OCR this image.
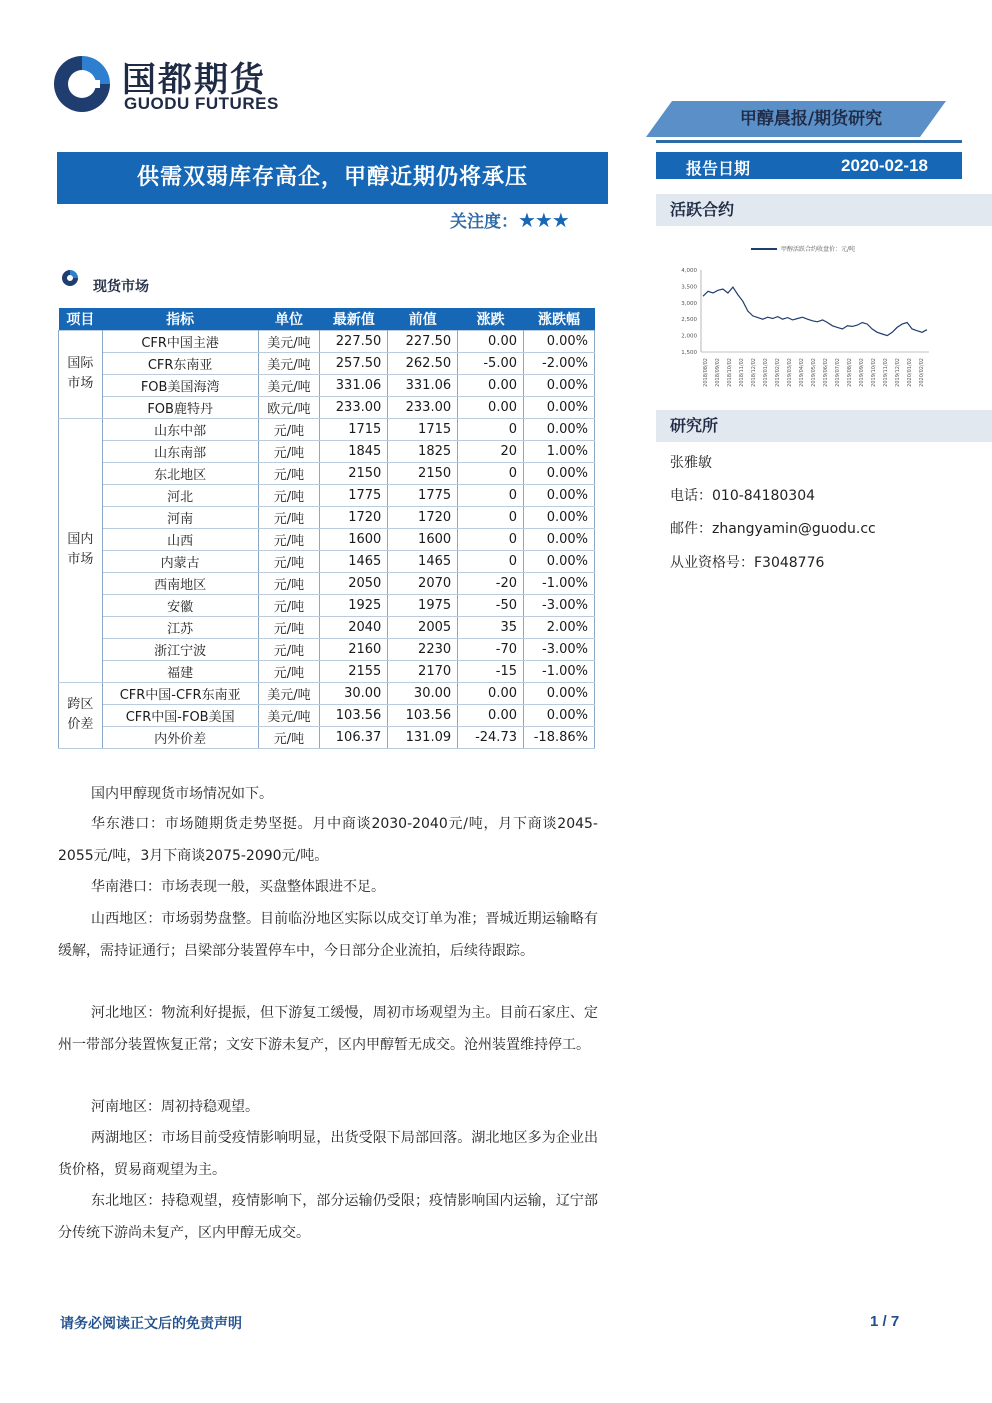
国都期货
GUODU FUTURES
甲醇晨报/期货研究
报告日期	2020-02-18
供需双弱库存高企，甲醇近期仍将承压
关注度：★★★
现货市场
项目	指标	单位	最新值	前值	涨跌	涨跌幅
国际
市场	CFR中国主港	美元/吨	227.50	227.50	0.00	0.00%
	CFR东南亚	美元/吨	257.50	262.50	-5.00	-2.00%
	FOB美国海湾	美元/吨	331.06	331.06	0.00	0.00%
	FOB鹿特丹	欧元/吨	233.00	233.00	0.00	0.00%
国内
市场	山东中部	元/吨	1715	1715	0	0.00%
	山东南部	元/吨	1845	1825	20	1.00%
	东北地区	元/吨	2150	2150	0	0.00%
	河北	元/吨	1775	1775	0	0.00%
	河南	元/吨	1720	1720	0	0.00%
	山西	元/吨	1600	1600	0	0.00%
	内蒙古	元/吨	1465	1465	0	0.00%
	西南地区	元/吨	2050	2070	-20	-1.00%
	安徽	元/吨	1925	1975	-50	-3.00%
	江苏	元/吨	2040	2005	35	2.00%
	浙江宁波	元/吨	2160	2230	-70	-3.00%
	福建	元/吨	2155	2170	-15	-1.00%
跨区
价差	CFR中国-CFR东南亚	美元/吨	30.00	30.00	0.00	0.00%
	CFR中国-FOB美国	美元/吨	103.56	103.56	0.00	0.00%
	内外价差	元/吨	106.37	131.09	-24.73	-18.86%
国内甲醇现货市场情况如下。
华东港口：市场随期货走势坚挺。月中商谈2030-2040元/吨，月下商谈2045-2055元/吨，3月下商谈2075-2090元/吨。
华南港口：市场表现一般，买盘整体跟进不足。
山西地区：市场弱势盘整。目前临汾地区实际以成交订单为准；晋城近期运输略有缓解，需持证通行；吕梁部分装置停车中，今日部分企业流拍，后续待跟踪。
河北地区：物流利好提振，但下游复工缓慢，周初市场观望为主。目前石家庄、定州一带部分装置恢复正常；文安下游未复产，区内甲醇暂无成交。沧州装置维持停工。
河南地区：周初持稳观望。
两湖地区：市场目前受疫情影响明显，出货受限下局部回落。湖北地区多为企业出货价格，贸易商观望为主。
东北地区：持稳观望，疫情影响下，部分运输仍受限；疫情影响国内运输，辽宁部分传统下游尚未复产，区内甲醇无成交。
活跃合约
甲醇活跃合约收盘价：元/吨
1,500
2,000
2,500
3,000
3,500
4,000
2018/08/02 2018/09/02 2018/10/02 2018/11/02 2018/12/02 2019/01/02 2019/02/02 2019/03/02 2019/04/02 2019/05/02 2019/06/02 2019/07/02 2019/08/02 2019/09/02 2019/10/02 2019/11/02 2019/12/02 2020/01/02 2020/02/02
研究所
张雅敏
电话：010-84180304
邮件：zhangyamin@guodu.cc
从业资格号：F3048776
请务必阅读正文后的免责声明	1 / 7
